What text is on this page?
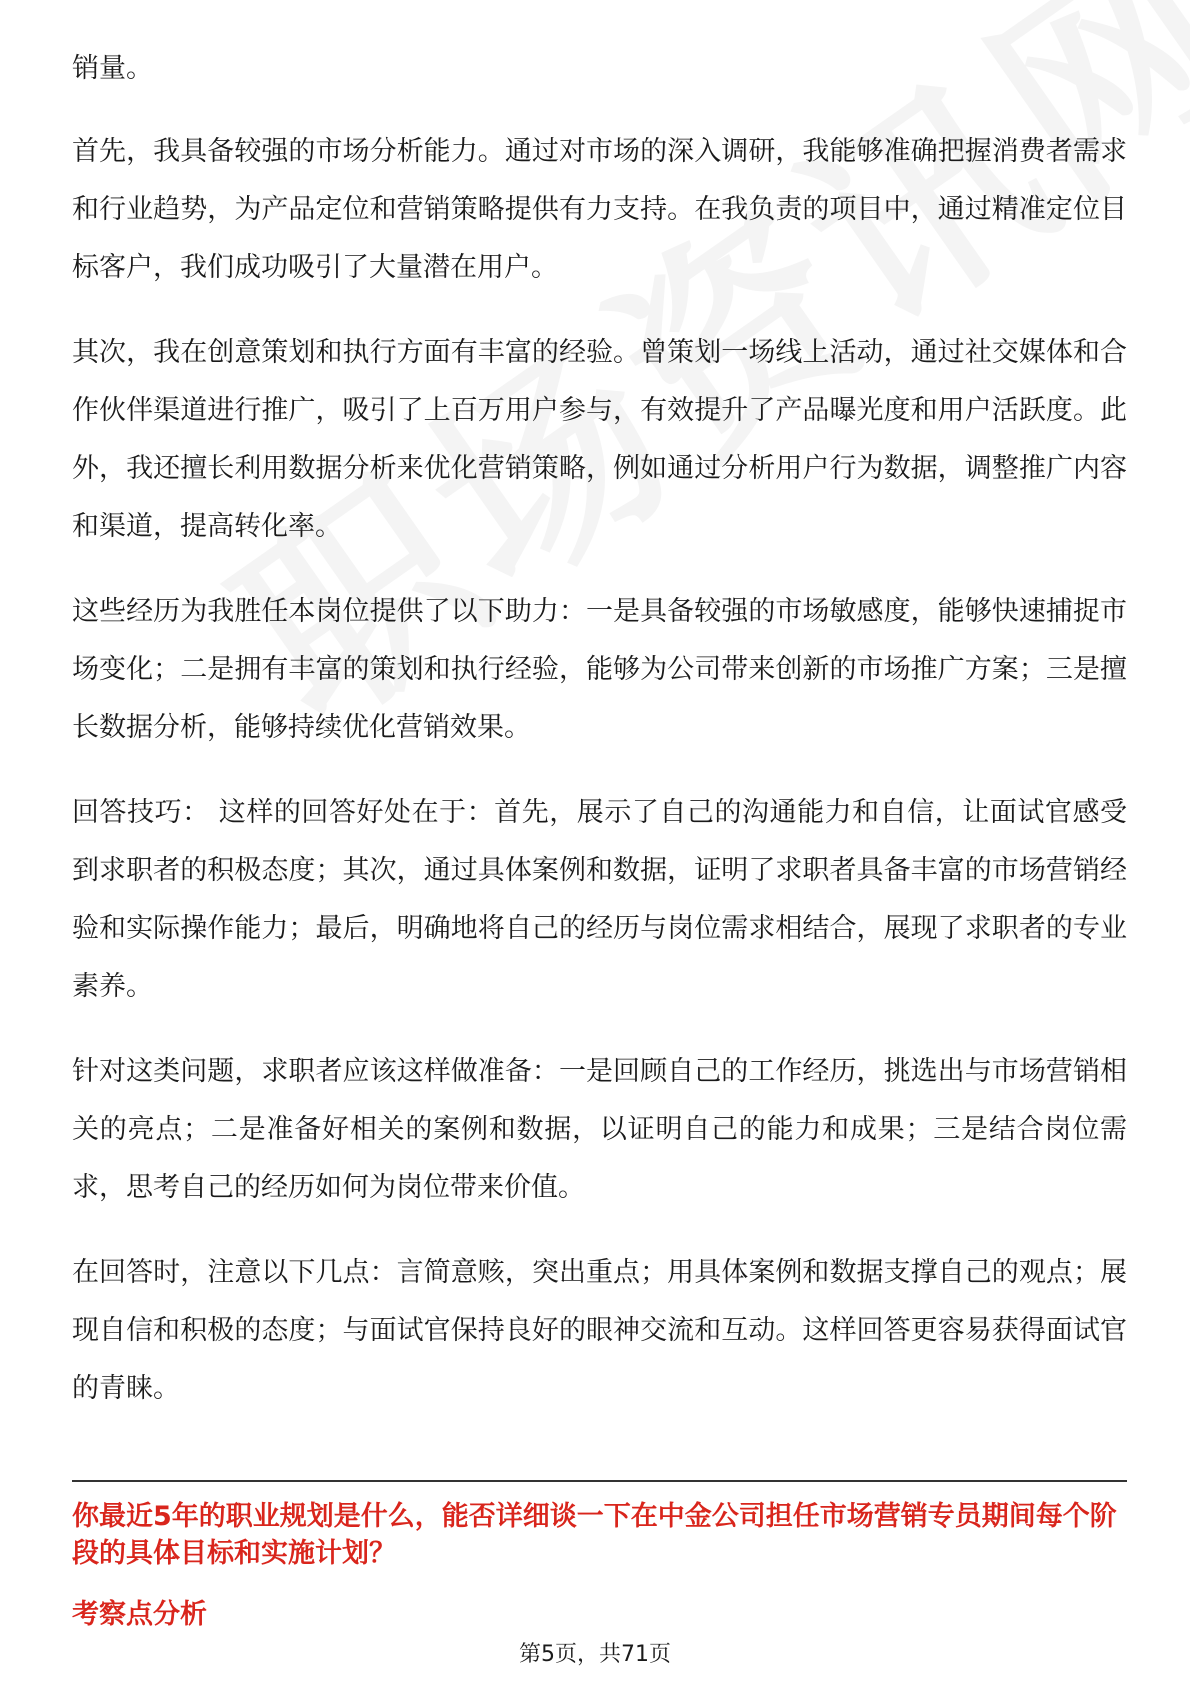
销量。

首先，我具备较强的市场分析能力。通过对市场的深入调研，我能够准确把握消费者需求和行业趋势，为产品定位和营销策略提供有力支持。在我负责的项目中，通过精准定位目标客户，我们成功吸引了大量潜在用户。

其次，我在创意策划和执行方面有丰富的经验。曾策划一场线上活动，通过社交媒体和合作伙伴渠道进行推广，吸引了上百万用户参与，有效提升了产品曝光度和用户活跃度。此外，我还擅长利用数据分析来优化营销策略，例如通过分析用户行为数据，调整推广内容和渠道，提高转化率。

这些经历为我胜任本岗位提供了以下助力：一是具备较强的市场敏感度，能够快速捕捉市场变化；二是拥有丰富的策划和执行经验，能够为公司带来创新的市场推广方案；三是擅长数据分析，能够持续优化营销效果。

回答技巧： 这样的回答好处在于：首先，展示了自己的沟通能力和自信，让面试官感受到求职者的积极态度；其次，通过具体案例和数据，证明了求职者具备丰富的市场营销经验和实际操作能力；最后，明确地将自己的经历与岗位需求相结合，展现了求职者的专业素养。

针对这类问题，求职者应该这样做准备：一是回顾自己的工作经历，挑选出与市场营销相关的亮点；二是准备好相关的案例和数据，以证明自己的能力和成果；三是结合岗位需求，思考自己的经历如何为岗位带来价值。

在回答时，注意以下几点：言简意赅，突出重点；用具体案例和数据支撑自己的观点；展现自信和积极的态度；与面试官保持良好的眼神交流和互动。这样回答更容易获得面试官的青睐。

你最近5年的职业规划是什么，能否详细谈一下在中金公司担任市场营销专员期间每个阶段的具体目标和实施计划？

考察点分析

第5页，共71页
